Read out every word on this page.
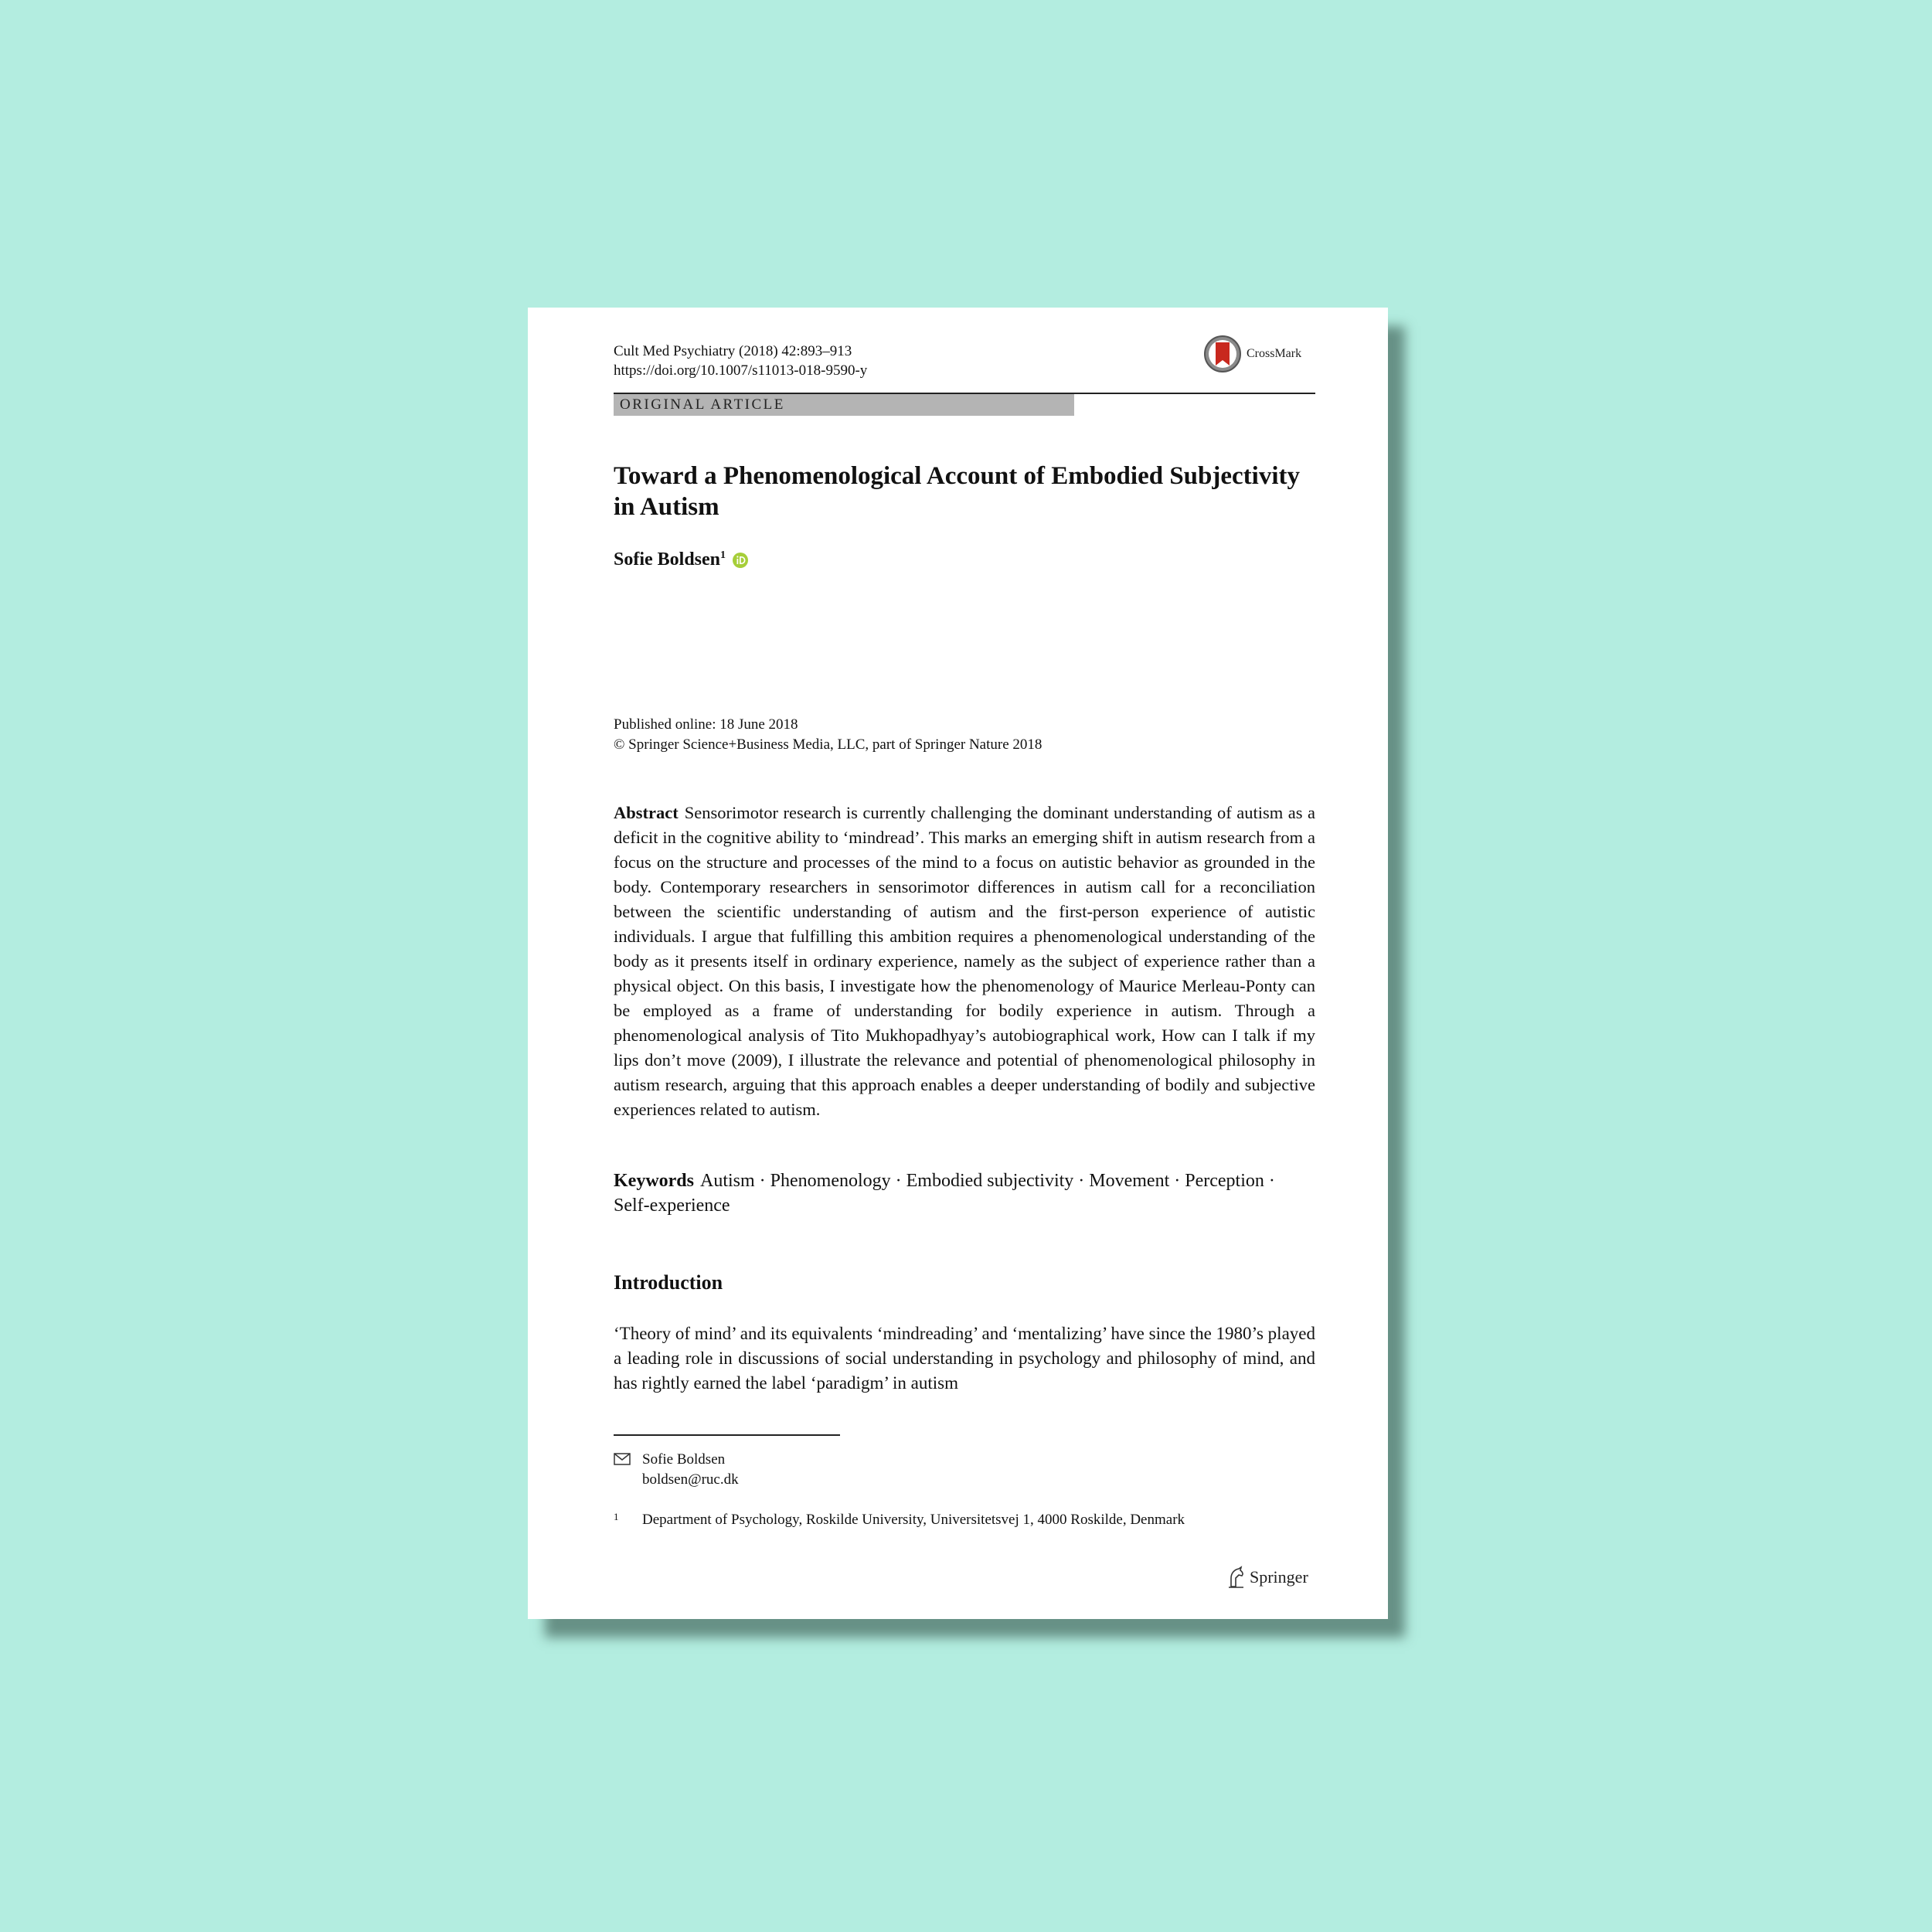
Cult Med Psychiatry (2018) 42:893–913
https://doi.org/10.1007/s11013-018-9590-y
CrossMark
ORIGINAL ARTICLE
Toward a Phenomenological Account of Embodied Subjectivity in Autism
Sofie Boldsen$^1$
Published online: 18 June 2018
© Springer Science+Business Media, LLC, part of Springer Nature 2018

Abstract Sensorimotor research is currently challenging the dominant understanding of autism as a deficit in the cognitive ability to ‘mindread’. This marks an emerging shift in autism research from a focus on the structure and processes of the mind to a focus on autistic behavior as grounded in the body. Contemporary researchers in sensorimotor differences in autism call for a reconciliation between the scientific understanding of autism and the first-person experience of autistic individuals. I argue that fulfilling this ambition requires a phenomenological understanding of the body as it presents itself in ordinary experience, namely as the subject of experience rather than a physical object. On this basis, I investigate how the phenomenology of Maurice Merleau-Ponty can be employed as a frame of understanding for bodily experience in autism. Through a phenomenological analysis of Tito Mukhopadhyay’s autobiographical work, How can I talk if my lips don’t move (2009), I illustrate the relevance and potential of phenomenological philosophy in autism research, arguing that this approach enables a deeper understanding of bodily and subjective experiences related to autism.

Keywords Autism · Phenomenology · Embodied subjectivity · Movement · Perception · Self-experience

Introduction

‘Theory of mind’ and its equivalents ‘mindreading’ and ‘mentalizing’ have since the 1980’s played a leading role in discussions of social understanding in psychology and philosophy of mind, and has rightly earned the label ‘paradigm’ in autism

Sofie Boldsen
boldsen@ruc.dk
1	Department of Psychology, Roskilde University, Universitetsvej 1, 4000 Roskilde, Denmark
Springer
